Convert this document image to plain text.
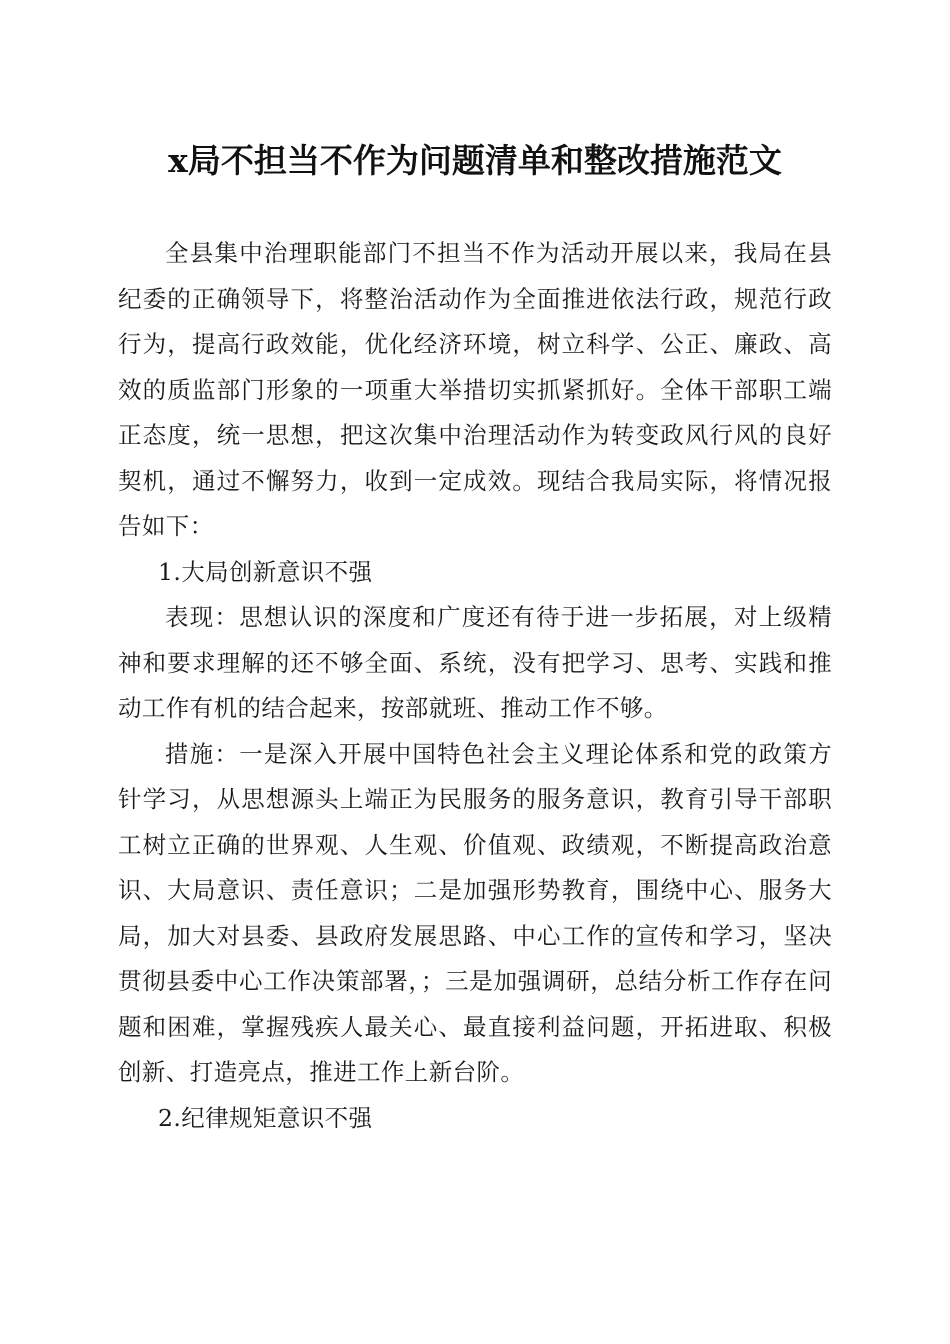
x局不担当不作为问题清单和整改措施范文

全县集中治理职能部门不担当不作为活动开展以来，我局在县纪委的正确领导下，将整治活动作为全面推进依法行政，规范行政行为，提高行政效能，优化经济环境，树立科学、公正、廉政、高效的质监部门形象的一项重大举措切实抓紧抓好。全体干部职工端正态度，统一思想，把这次集中治理活动作为转变政风行风的良好契机，通过不懈努力，收到一定成效。现结合我局实际，将情况报告如下：

1.大局创新意识不强

表现：思想认识的深度和广度还有待于进一步拓展，对上级精神和要求理解的还不够全面、系统，没有把学习、思考、实践和推动工作有机的结合起来，按部就班、推动工作不够。

措施：一是深入开展中国特色社会主义理论体系和党的政策方针学习，从思想源头上端正为民服务的服务意识，教育引导干部职工树立正确的世界观、人生观、价值观、政绩观，不断提高政治意识、大局意识、责任意识；二是加强形势教育，围绕中心、服务大局，加大对县委、县政府发展思路、中心工作的宣传和学习，坚决贯彻县委中心工作决策部署，；三是加强调研，总结分析工作存在问题和困难，掌握残疾人最关心、最直接利益问题，开拓进取、积极创新、打造亮点，推进工作上新台阶。

2.纪律规矩意识不强
